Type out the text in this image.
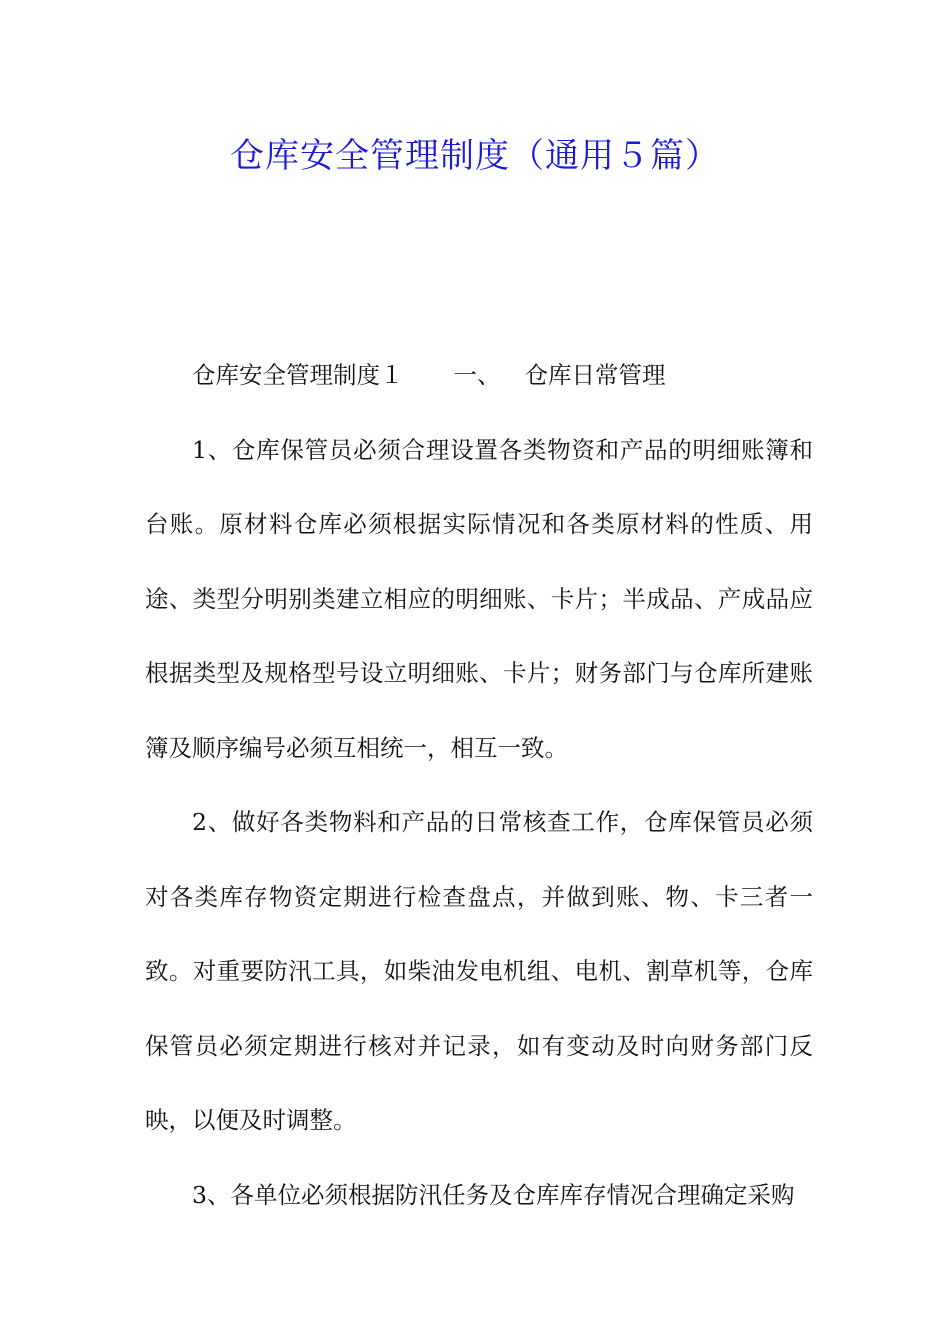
仓库安全管理制度（通用５篇）

仓库安全管理制度１ 一、 仓库日常管理

1、仓库保管员必须合理设置各类物资和产品的明细账簿和台账。原材料仓库必须根据实际情况和各类原材料的性质、用途、类型分明别类建立相应的明细账、卡片；半成品、产成品应根据类型及规格型号设立明细账、卡片；财务部门与仓库所建账簿及顺序编号必须互相统一，相互一致。

2、做好各类物料和产品的日常核查工作，仓库保管员必须对各类库存物资定期进行检查盘点，并做到账、物、卡三者一致。对重要防汛工具，如柴油发电机组、电机、割草机等，仓库保管员必须定期进行核对并记录，如有变动及时向财务部门反映，以便及时调整。

3、各单位必须根据防汛任务及仓库库存情况合理确定采购
